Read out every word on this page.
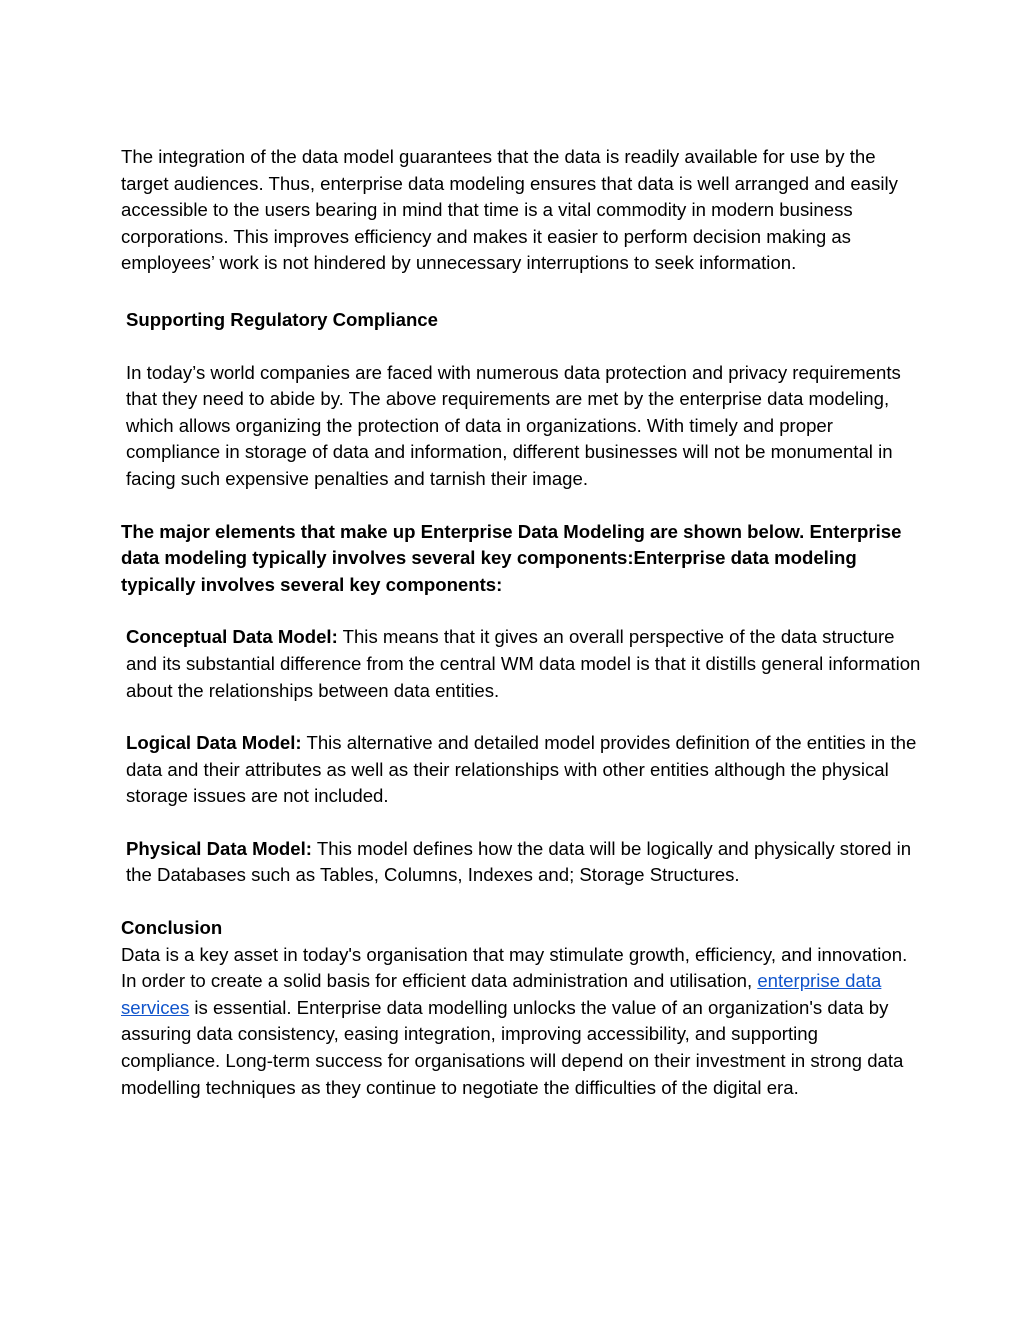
The integration of the data model guarantees that the data is readily available for use by the target audiences. Thus, enterprise data modeling ensures that data is well arranged and easily accessible to the users bearing in mind that time is a vital commodity in modern business corporations. This improves efficiency and makes it easier to perform decision making as employees’ work is not hindered by unnecessary interruptions to seek information.

Supporting Regulatory Compliance

In today’s world companies are faced with numerous data protection and privacy requirements that they need to abide by. The above requirements are met by the enterprise data modeling, which allows organizing the protection of data in organizations. With timely and proper compliance in storage of data and information, different businesses will not be monumental in facing such expensive penalties and tarnish their image.

The major elements that make up Enterprise Data Modeling are shown below. Enterprise data modeling typically involves several key components:Enterprise data modeling typically involves several key components:

Conceptual Data Model: This means that it gives an overall perspective of the data structure and its substantial difference from the central WM data model is that it distills general information about the relationships between data entities.

Logical Data Model: This alternative and detailed model provides definition of the entities in the data and their attributes as well as their relationships with other entities although the physical storage issues are not included.

Physical Data Model: This model defines how the data will be logically and physically stored in the Databases such as Tables, Columns, Indexes and; Storage Structures.

Conclusion

Data is a key asset in today's organisation that may stimulate growth, efficiency, and innovation. In order to create a solid basis for efficient data administration and utilisation, enterprise data services is essential. Enterprise data modelling unlocks the value of an organization's data by assuring data consistency, easing integration, improving accessibility, and supporting compliance. Long-term success for organisations will depend on their investment in strong data modelling techniques as they continue to negotiate the difficulties of the digital era.
